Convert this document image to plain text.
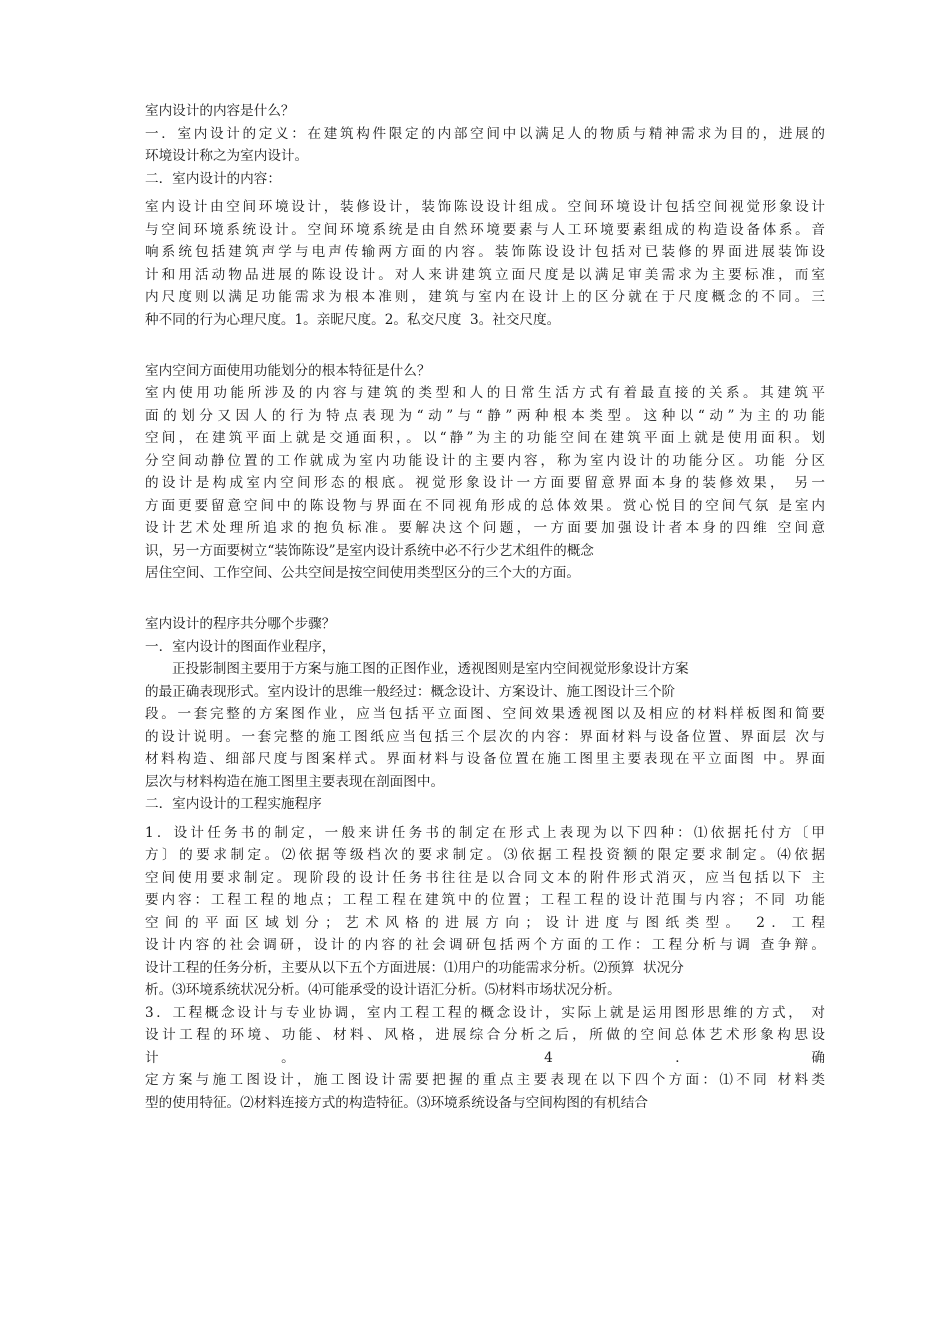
室内设计的内容是什么？
一．室内设计的定义：在建筑构件限定的内部空间中以满足人的物质与精神需求为目的，进展的
环境设计称之为室内设计。
二．室内设计的内容：
室内设计由空间环境设计，装修设计，装饰陈设设计组成。空间环境设计包括空间视觉形象设计
与空间环境系统设计。空间环境系统是由自然环境要素与人工环境要素组成的构造设备体系。音
响系统包括建筑声学与电声传输两方面的内容。装饰陈设设计包括对已装修的界面进展装饰设
计和用活动物品进展的陈设设计。对人来讲建筑立面尺度是以满足审美需求为主要标准，而室
内尺度则以满足功能需求为根本准则，建筑与室内在设计上的区分就在于尺度概念的不同。三
种不同的行为心理尺度。1。亲昵尺度。2。私交尺度  3。社交尺度。
室内空间方面使用功能划分的根本特征是什么？
室内使用功能所涉及的内容与建筑的类型和人的日常生活方式有着最直接的关系。其建筑平
面的划分又因人的行为特点表现为“动”与“静”两种根本类型。这种以“动”为主的功能
空间，在建筑平面上就是交通面积，。以“静”为主的功能空间在建筑平面上就是使用面积。划
分空间动静位置的工作就成为室内功能设计的主要内容，称为室内设计的功能分区。功能 分区
的设计是构成室内空间形态的根底。视觉形象设计一方面要留意界面本身的装修效果， 另一
方面更要留意空间中的陈设物与界面在不同视角形成的总体效果。赏心悦目的空间气氛 是室内
设计艺术处理所追求的抱负标准。要解决这个问题，一方面要加强设计者本身的四维 空间意
识，另一方面要树立“装饰陈设”是室内设计系统中必不行少艺术组件的概念
居住空间、工作空间、公共空间是按空间使用类型区分的三个大的方面。
室内设计的程序共分哪个步骤？
一．室内设计的图面作业程序，
正投影制图主要用于方案与施工图的正图作业，透视图则是室内空间视觉形象设计方案
的最正确表现形式。室内设计的思维一般经过：概念设计、方案设计、施工图设计三个阶
段。一套完整的方案图作业，应当包括平立面图、空间效果透视图以及相应的材料样板图和简要
的设计说明。一套完整的施工图纸应当包括三个层次的内容：界面材料与设备位置、界面层 次与
材料构造、细部尺度与图案样式。界面材料与设备位置在施工图里主要表现在平立面图 中。界面
层次与材料构造在施工图里主要表现在剖面图中。
二．室内设计的工程实施程序
1．设计任务书的制定，一般来讲任务书的制定在形式上表现为以下四种：⑴依据托付方〔甲
方〕的要求制定。⑵依据等级档次的要求制定。⑶依据工程投资额的限定要求制定。⑷依据
空间使用要求制定。现阶段的设计任务书往往是以合同文本的附件形式消灭，应当包括以下 主
要内容：工程工程的地点；工程工程在建筑中的位置；工程工程的设计范围与内容；不同 功能
空间的平面区域划分；艺术风格的进展方向；设计进度与图纸类型。 2．工程
设计内容的社会调研，设计的内容的社会调研包括两个方面的工作：工程分析与调 查争辩。
设计工程的任务分析，主要从以下五个方面进展：⑴用户的功能需求分析。⑵预算  状况分
析。⑶环境系统状况分析。⑷可能承受的设计语汇分析。⑸材料市场状况分析。
3．工程概念设计与专业协调，室内工程工程的概念设计，实际上就是运用图形思维的方式， 对
设计工程的环境、功能、材料、风格，进展综合分析之后，所做的空间总体艺术形象构思设
计。 4．确
定方案与施工图设计，施工图设计需要把握的重点主要表现在以下四个方面：⑴不同 材料类
型的使用特征。⑵材料连接方式的构造特征。⑶环境系统设备与空间构图的有机结合
